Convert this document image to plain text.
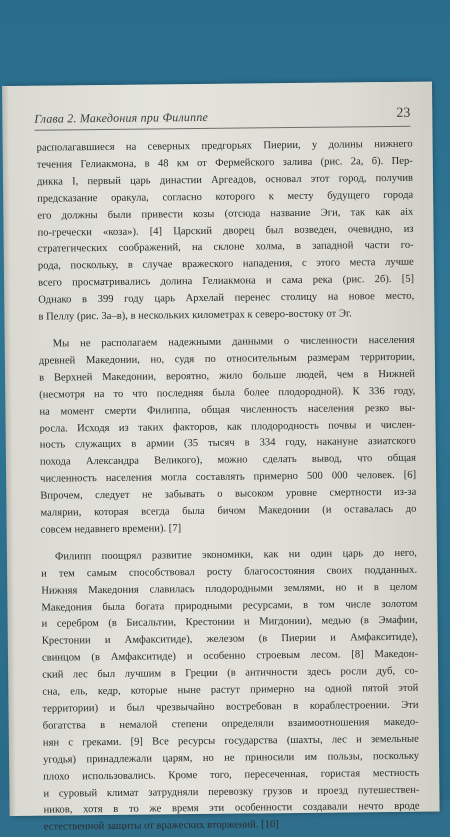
Глава 2. Македония при Филиппе	23
располагавшиеся на северных предгорьях Пиерии, у долины нижнего
течения Гелиакмона, в 48 км от Фермейского залива (рис. 2а, б). Пер-
дикка I, первый царь династии Аргеадов, основал этот город, получив
предсказание оракула, согласно которого к месту будущего города
его должны были привести козы (отсюда название Эги, так как aix
по-гречески «коза»). [4] Царский дворец был возведен, очевидно, из
стратегических соображений, на склоне холма, в западной части го-
рода, поскольку, в случае вражеского нападения, с этого места лучше
всего просматривались долина Гелиакмона и сама река (рис. 2б). [5]
Однако в 399 году царь Архелай перенес столицу на новое место,
в Пеллу (рис. 3а–в), в нескольких километрах к северо-востоку от Эг.
Мы не располагаем надежными данными о численности населения
древней Македонии, но, судя по относительным размерам территории,
в Верхней Македонии, вероятно, жило больше людей, чем в Нижней
(несмотря на то что последняя была более плодородной). К 336 году,
на момент смерти Филиппа, общая численность населения резко вы-
росла. Исходя из таких факторов, как плодородность почвы и числен-
ность служащих в армии (35 тысяч в 334 году, накануне азиатского
похода Александра Великого), можно сделать вывод, что общая
численность населения могла составлять примерно 500 000 человек. [6]
Впрочем, следует не забывать о высоком уровне смертности из-за
малярии, которая всегда была бичом Македонии (и оставалась до
совсем недавнего времени). [7]
Филипп поощрял развитие экономики, как ни один царь до него,
и тем самым способствовал росту благосостояния своих подданных.
Нижняя Македония славилась плодородными землями, но и в целом
Македония была богата природными ресурсами, в том числе золотом
и серебром (в Бисальтии, Крестонии и Мигдонии), медью (в Эмафии,
Крестонии и Амфакситиде), железом (в Пиерии и Амфакситиде),
свинцом (в Амфакситиде) и особенно строевым лесом. [8] Македон-
ский лес был лучшим в Греции (в античности здесь росли дуб, со-
сна, ель, кедр, которые ныне растут примерно на одной пятой этой
территории) и был чрезвычайно востребован в кораблестроении. Эти
богатства в немалой степени определяли взаимоотношения македо-
нян с греками. [9] Все ресурсы государства (шахты, лес и земельные
угодья) принадлежали царям, но не приносили им пользы, поскольку
плохо использовались. Кроме того, пересеченная, гористая местность
и суровый климат затрудняли перевозку грузов и проезд путешествен-
ников, хотя в то же время эти особенности создавали нечто вроде
естественной защиты от вражеских вторжений. [10]
